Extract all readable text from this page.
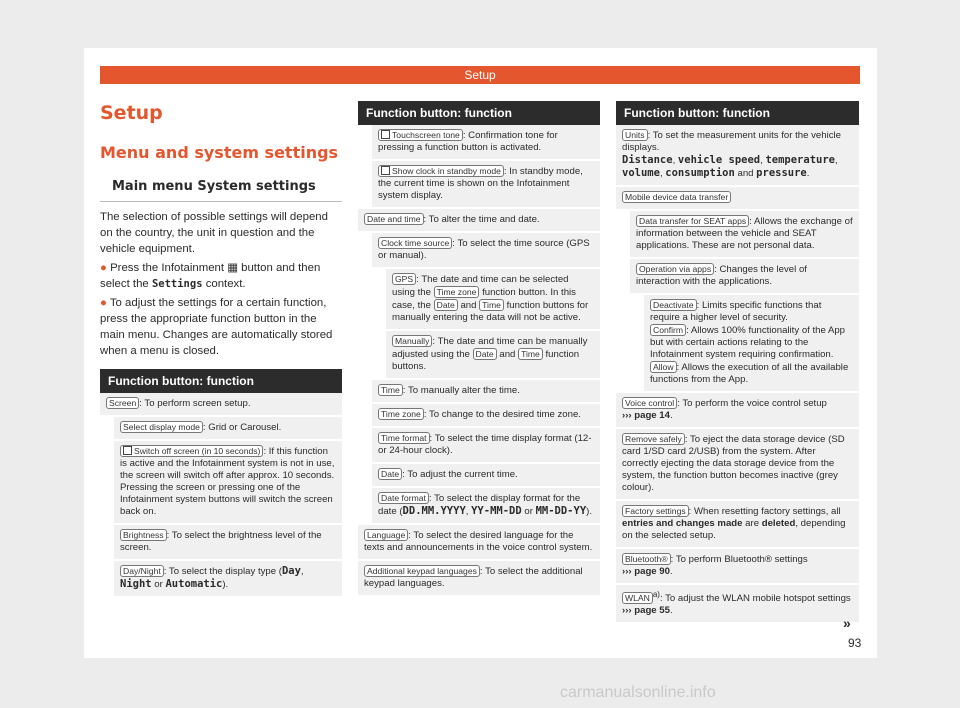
Setup
Setup
Menu and system settings
Main menu System settings

The selection of possible settings will depend on the country, the unit in question and the vehicle equipment.

● Press the Infotainment ▦ button and then select the Settings context.

● To adjust the settings for a certain function, press the appropriate function button in the main menu. Changes are automatically stored when a menu is closed.

Function button: function
Screen : To perform screen setup.
Select display mode : Grid or Carousel.
Switch off screen (in 10 seconds) : If this function is active and the Infotainment system is not in use, the screen will switch off after approx. 10 seconds. Pressing the screen or pressing one of the Infotainment system buttons will switch the screen back on.
Brightness : To select the brightness level of the screen.
Day/Night : To select the display type (Day, Night or Automatic).
Function button: function
Touchscreen tone : Confirmation tone for pressing a function button is activated.
Show clock in standby mode : In standby mode, the current time is shown on the Infotainment system display.
Date and time : To alter the time and date.
Clock time source : To select the time source (GPS or manual).
GPS : The date and time can be selected using the Time zone function button. In this case, the Date and Time function buttons for manually entering the data will not be active.
Manually : The date and time can be manually adjusted using the Date and Time function buttons.
Time : To manually alter the time.
Time zone : To change to the desired time zone.
Time format : To select the time display format (12- or 24-hour clock).
Date : To adjust the current time.
Date format : To select the display format for the date (DD.MM.YYYY, YY-MM-DD or MM-DD-YY).
Language : To select the desired language for the texts and announcements in the voice control system.
Additional keypad languages : To select the additional keypad languages.
Function button: function
Units : To set the measurement units for the vehicle displays.
Distance, vehicle speed, temperature, volume, consumption and pressure.
Mobile device data transfer
Data transfer for SEAT apps : Allows the exchange of information between the vehicle and SEAT applications. These are not personal data.
Operation via apps : Changes the level of interaction with the applications.
Deactivate : Limits specific functions that require a higher level of security.
Confirm : Allows 100% functionality of the App but with certain actions relating to the Infotainment system requiring confirmation.
Allow : Allows the execution of all the available functions from the App.
Voice control : To perform the voice control setup
››› page 14.
Remove safely : To eject the data storage device (SD card 1/SD card 2/USB) from the system. After correctly ejecting the data storage device from the system, the function button becomes inactive (grey colour).
Factory settings : When resetting factory settings, all entries and changes made are deleted, depending on the selected setup.
Bluetooth® : To perform Bluetooth® settings
››› page 90.
WLAN $^{a)}$: To adjust the WLAN mobile hotspot settings
››› page 55.
»
93
carmanualsonline.info
